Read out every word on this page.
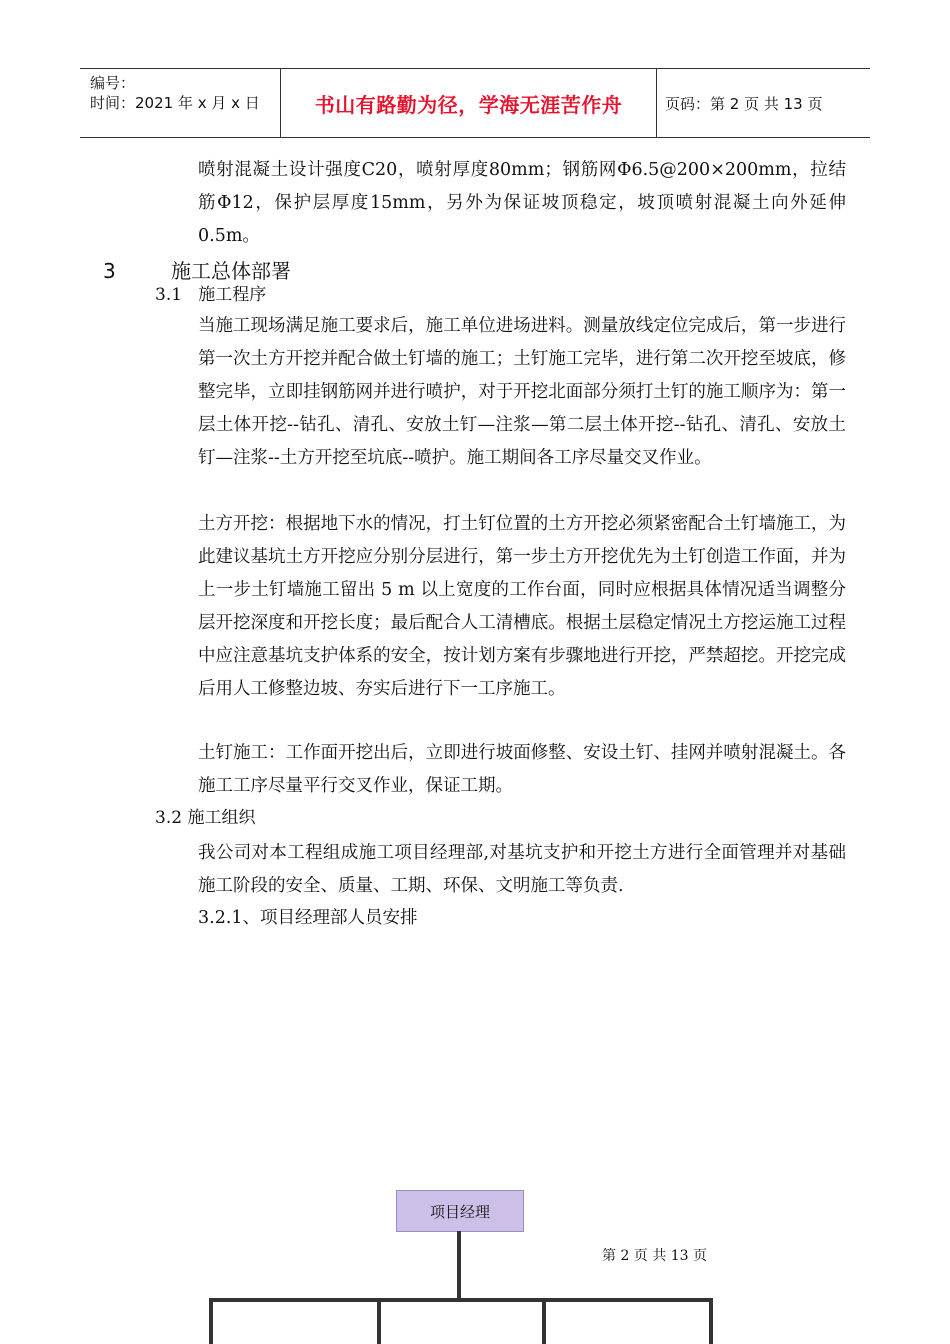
编号：
时间：2021 年 x 月 x 日	书山有路勤为径，学海无涯苦作舟	页码：第 2 页 共 13 页

喷射混凝土设计强度C20，喷射厚度80mm；钢筋网Φ6.5@200×200mm，拉结筋Φ12，保护层厚度15mm，另外为保证坡顶稳定，坡顶喷射混凝土向外延伸0.5m。

3	施工总体部署
3.1 施工程序

当施工现场满足施工要求后，施工单位进场进料。测量放线定位完成后，第一步进行第一次土方开挖并配合做土钉墙的施工；土钉施工完毕，进行第二次开挖至坡底，修整完毕，立即挂钢筋网并进行喷护，对于开挖北面部分须打土钉的施工顺序为：第一层土体开挖--钻孔、清孔、安放土钉—注浆—第二层土体开挖--钻孔、清孔、安放土钉—注浆--土方开挖至坑底--喷护。施工期间各工序尽量交叉作业。

土方开挖：根据地下水的情况，打土钉位置的土方开挖必须紧密配合土钉墙施工，为此建议基坑土方开挖应分别分层进行，第一步土方开挖优先为土钉创造工作面，并为上一步土钉墙施工留出 5 m 以上宽度的工作台面，同时应根据具体情况适当调整分层开挖深度和开挖长度；最后配合人工清槽底。根据土层稳定情况土方挖运施工过程中应注意基坑支护体系的安全，按计划方案有步骤地进行开挖，严禁超挖。开挖完成后用人工修整边坡、夯实后进行下一工序施工。

土钉施工：工作面开挖出后，立即进行坡面修整、安设土钉、挂网并喷射混凝土。各施工工序尽量平行交叉作业，保证工期。

3.2 施工组织

我公司对本工程组成施工项目经理部,对基坑支护和开挖土方进行全面管理并对基础施工阶段的安全、质量、工期、环保、文明施工等负责.

3.2.1、项目经理部人员安排
项目经理
第 2 页 共 13 页
